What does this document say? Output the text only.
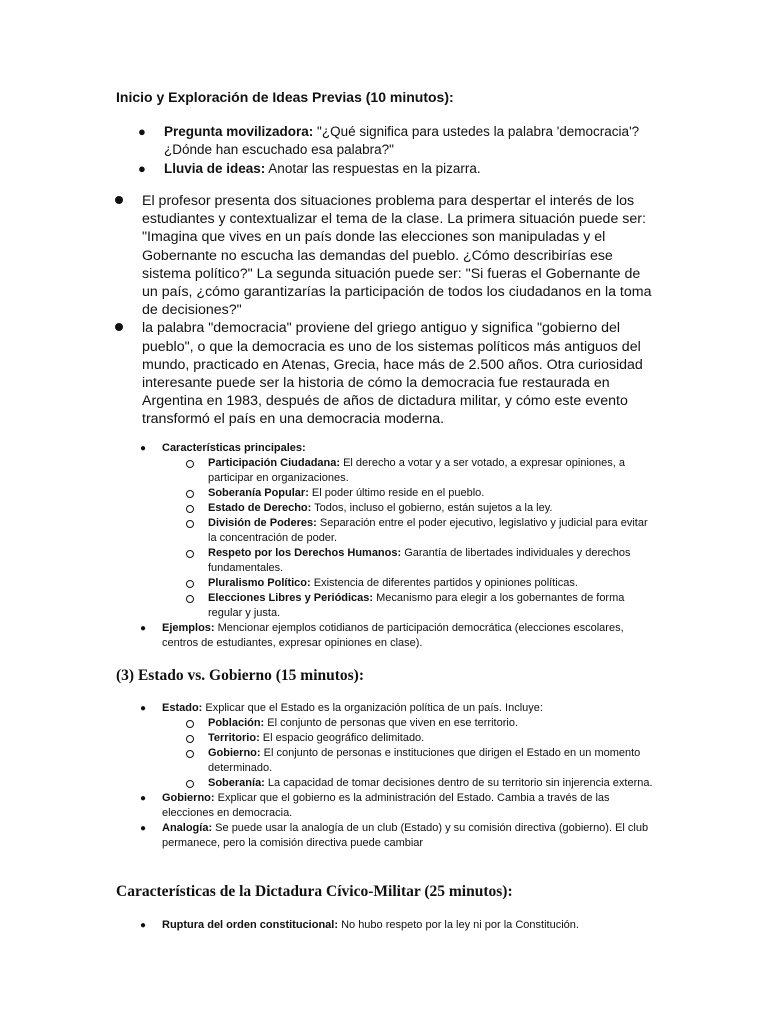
Inicio y Exploración de Ideas Previas (10 minutos):
● Pregunta movilizadora: "¿Qué significa para ustedes la palabra 'democracia'? ¿Dónde han escuchado esa palabra?"
● Lluvia de ideas: Anotar las respuestas en la pizarra.
El profesor presenta dos situaciones problema para despertar el interés de los estudiantes y contextualizar el tema de la clase. La primera situación puede ser: "Imagina que vives en un país donde las elecciones son manipuladas y el Gobernante no escucha las demandas del pueblo. ¿Cómo describirías ese sistema político?" La segunda situación puede ser: "Si fueras el Gobernante de un país, ¿cómo garantizarías la participación de todos los ciudadanos en la toma de decisiones?"
la palabra "democracia" proviene del griego antiguo y significa "gobierno del pueblo", o que la democracia es uno de los sistemas políticos más antiguos del mundo, practicado en Atenas, Grecia, hace más de 2.500 años. Otra curiosidad interesante puede ser la historia de cómo la democracia fue restaurada en Argentina en 1983, después de años de dictadura militar, y cómo este evento transformó el país en una democracia moderna.
● Características principales:
Participación Ciudadana: El derecho a votar y a ser votado, a expresar opiniones, a participar en organizaciones.
Soberanía Popular: El poder último reside en el pueblo.
Estado de Derecho: Todos, incluso el gobierno, están sujetos a la ley.
División de Poderes: Separación entre el poder ejecutivo, legislativo y judicial para evitar la concentración de poder.
Respeto por los Derechos Humanos: Garantía de libertades individuales y derechos fundamentales.
Pluralismo Político: Existencia de diferentes partidos y opiniones políticas.
Elecciones Libres y Periódicas: Mecanismo para elegir a los gobernantes de forma regular y justa.
● Ejemplos: Mencionar ejemplos cotidianos de participación democrática (elecciones escolares, centros de estudiantes, expresar opiniones en clase).
(3) Estado vs. Gobierno (15 minutos):
● Estado: Explicar que el Estado es la organización política de un país. Incluye:
Población: El conjunto de personas que viven en ese territorio.
Territorio: El espacio geográfico delimitado.
Gobierno: El conjunto de personas e instituciones que dirigen el Estado en un momento determinado.
Soberanía: La capacidad de tomar decisiones dentro de su territorio sin injerencia externa.
● Gobierno: Explicar que el gobierno es la administración del Estado. Cambia a través de las elecciones en democracia.
● Analogía: Se puede usar la analogía de un club (Estado) y su comisión directiva (gobierno). El club permanece, pero la comisión directiva puede cambiar
Características de la Dictadura Cívico-Militar (25 minutos):
● Ruptura del orden constitucional: No hubo respeto por la ley ni por la Constitución.
